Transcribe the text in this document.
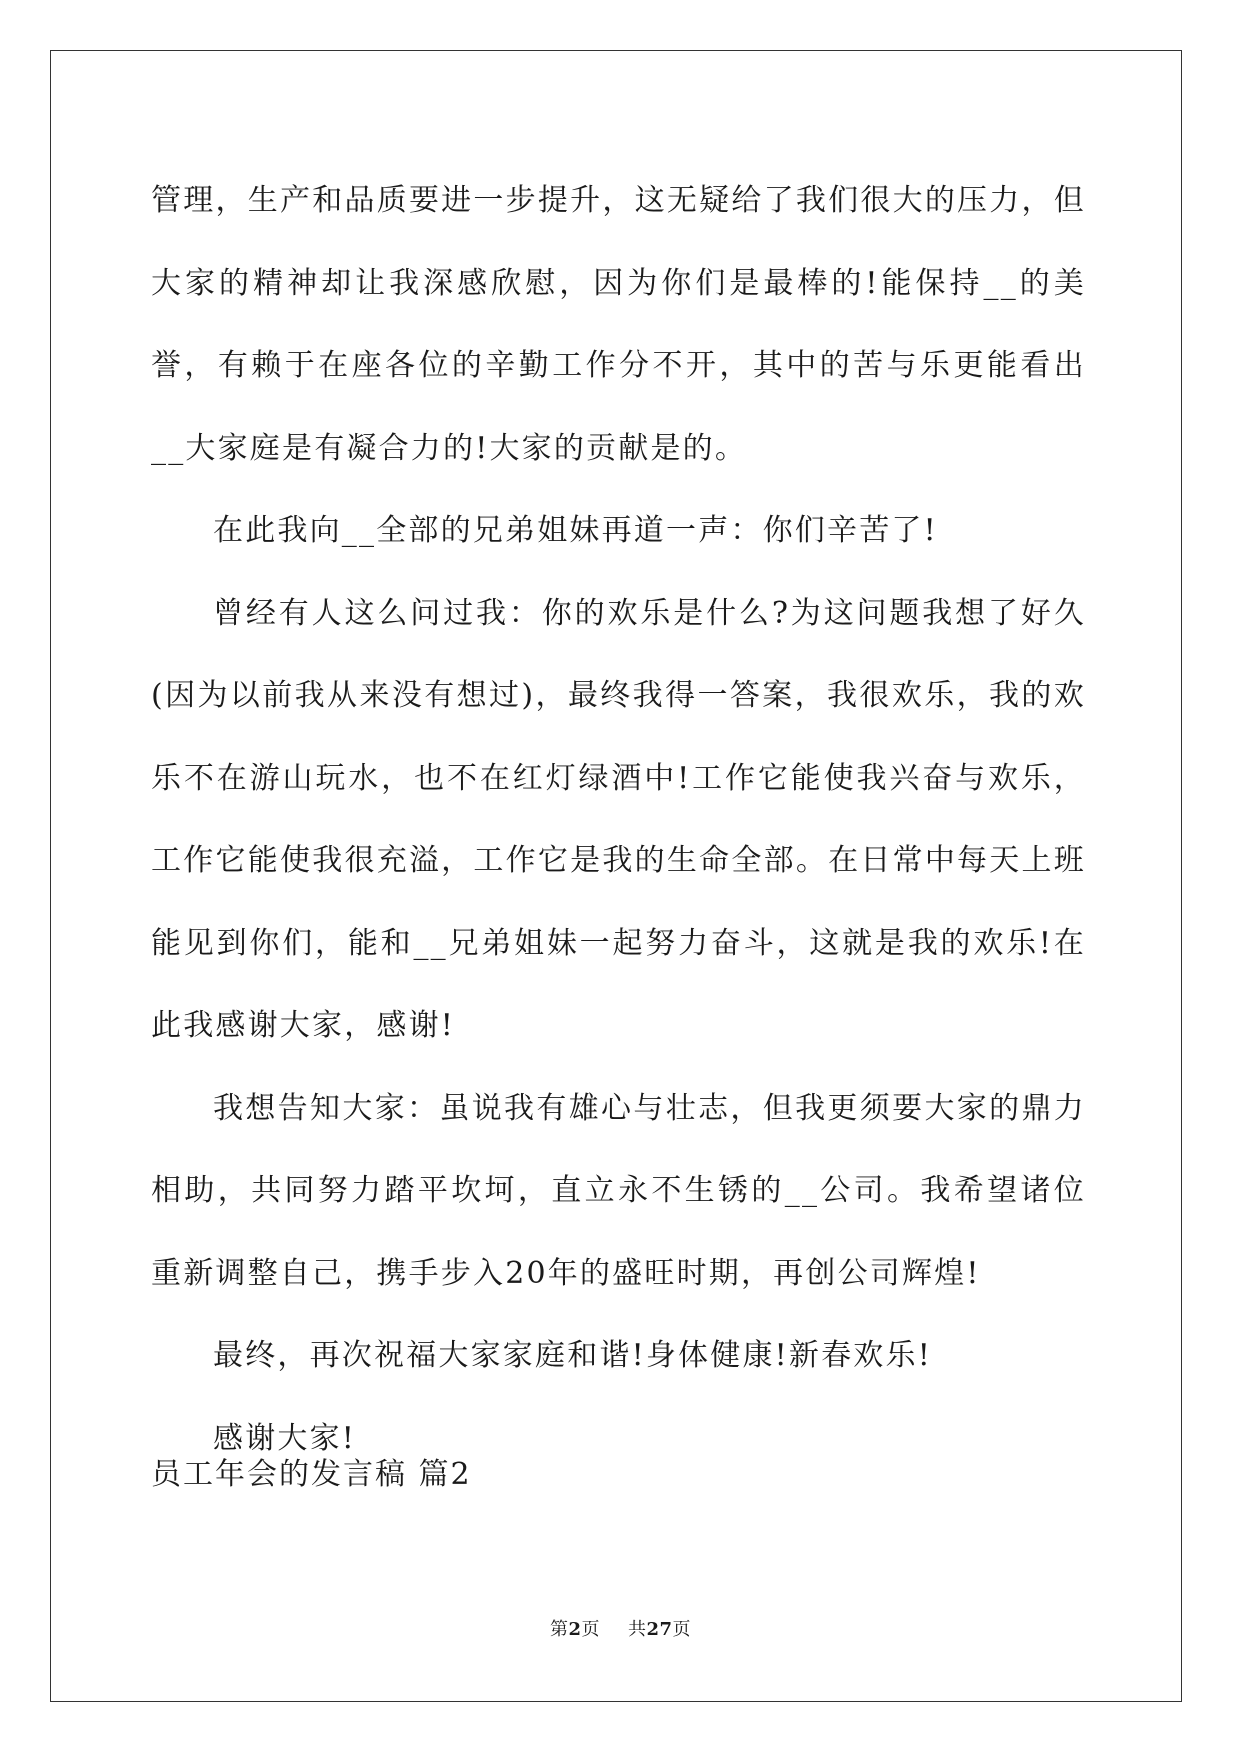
管理，生产和品质要进一步提升，这无疑给了我们很大的压力，但大家的精神却让我深感欣慰，因为你们是最棒的!能保持__的美誉，有赖于在座各位的辛勤工作分不开，其中的苦与乐更能看出__大家庭是有凝合力的!大家的贡献是的。

在此我向__全部的兄弟姐妹再道一声：你们辛苦了!

曾经有人这么问过我：你的欢乐是什么?为这问题我想了好久(因为以前我从来没有想过)，最终我得一答案，我很欢乐，我的欢乐不在游山玩水，也不在红灯绿酒中!工作它能使我兴奋与欢乐，工作它能使我很充溢，工作它是我的生命全部。在日常中每天上班能见到你们，能和__兄弟姐妹一起努力奋斗，这就是我的欢乐!在此我感谢大家，感谢!

我想告知大家：虽说我有雄心与壮志，但我更须要大家的鼎力相助，共同努力踏平坎坷，直立永不生锈的__公司。我希望诸位重新调整自己，携手步入20年的盛旺时期，再创公司辉煌!

最终，再次祝福大家家庭和谐!身体健康!新春欢乐!

感谢大家!

员工年会的发言稿 篇2
第2页 共27页
